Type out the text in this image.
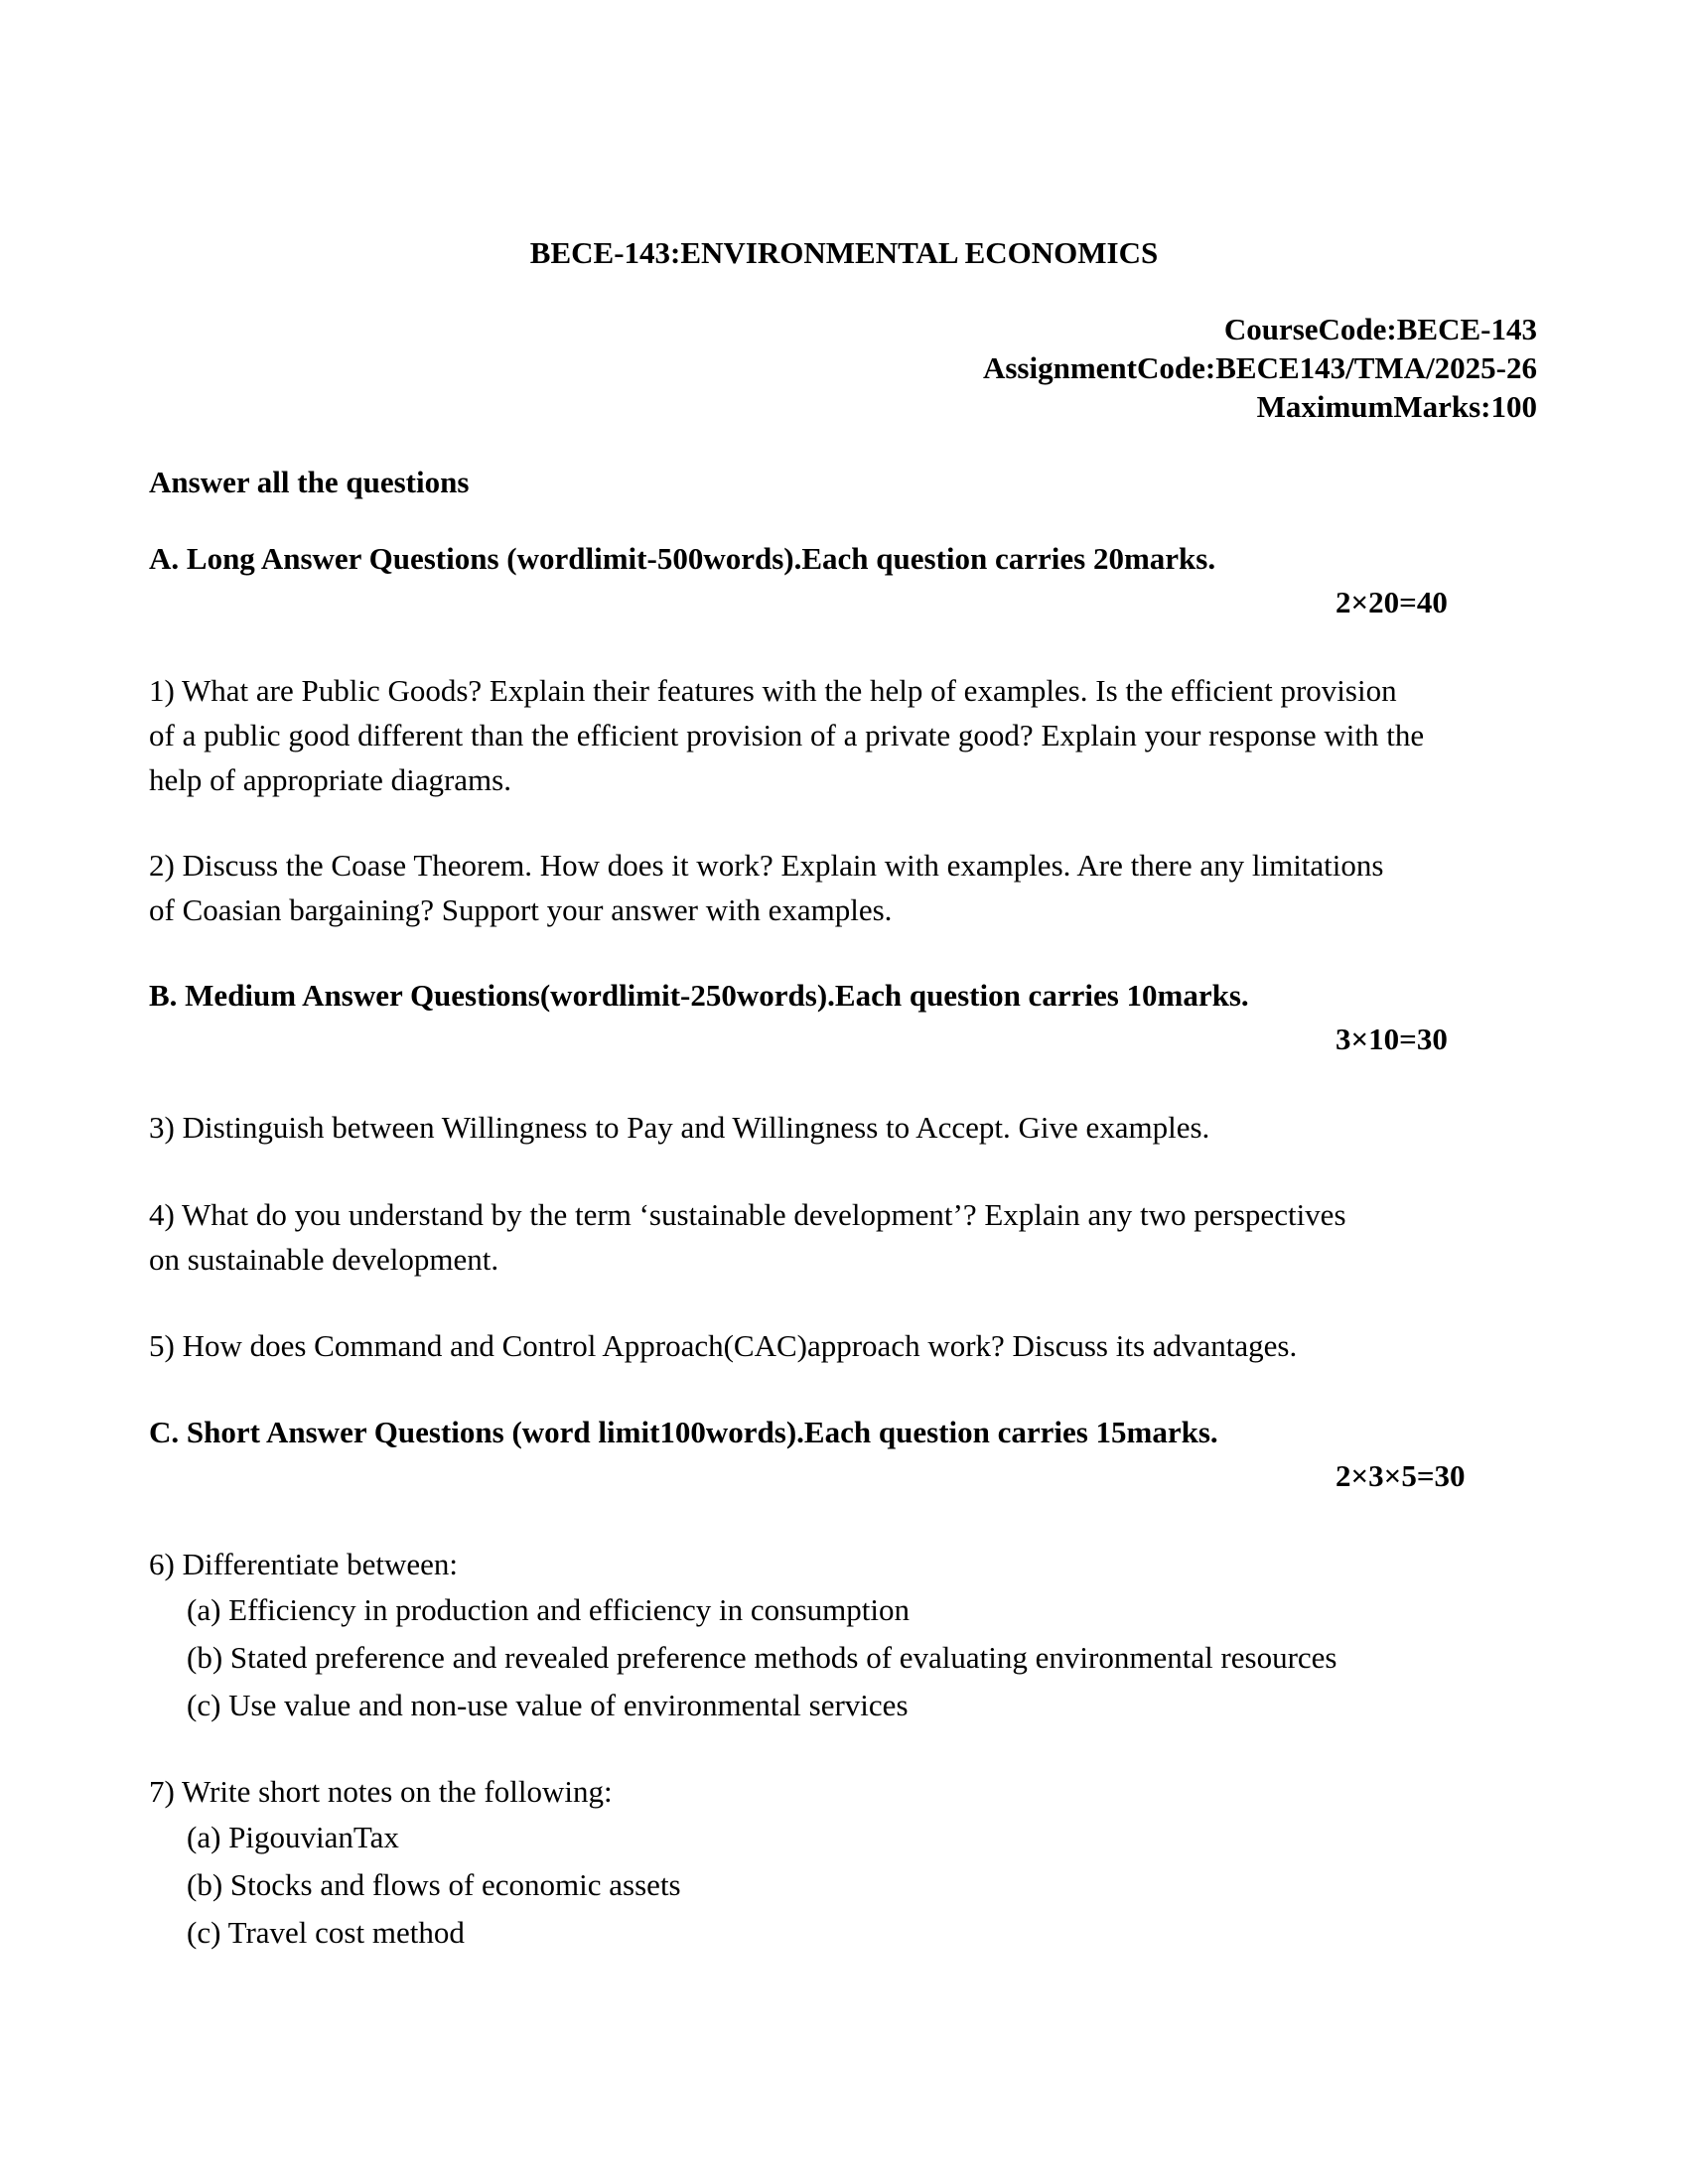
BECE-143:ENVIRONMENTAL ECONOMICS
CourseCode:BECE-143
AssignmentCode:BECE143/TMA/2025-26
MaximumMarks:100
Answer all the questions
A. Long Answer Questions (wordlimit-500words).Each question carries 20marks.
2×20=40
1) What are Public Goods? Explain their features with the help of examples. Is the efficient provision
of a public good different than the efficient provision of a private good? Explain your response with the
help of appropriate diagrams.
2) Discuss the Coase Theorem. How does it work? Explain with examples. Are there any limitations
of Coasian bargaining? Support your answer with examples.
B. Medium Answer Questions(wordlimit-250words).Each question carries 10marks.
3×10=30
3) Distinguish between Willingness to Pay and Willingness to Accept. Give examples.
4) What do you understand by the term ‘sustainable development’? Explain any two perspectives
on sustainable development.
5) How does Command and Control Approach(CAC)approach work? Discuss its advantages.
C. Short Answer Questions (word limit100words).Each question carries 15marks.
2×3×5=30
6) Differentiate between:
(a) Efficiency in production and efficiency in consumption
(b) Stated preference and revealed preference methods of evaluating environmental resources
(c) Use value and non-use value of environmental services
7) Write short notes on the following:
(a) PigouvianTax
(b) Stocks and flows of economic assets
(c) Travel cost method
